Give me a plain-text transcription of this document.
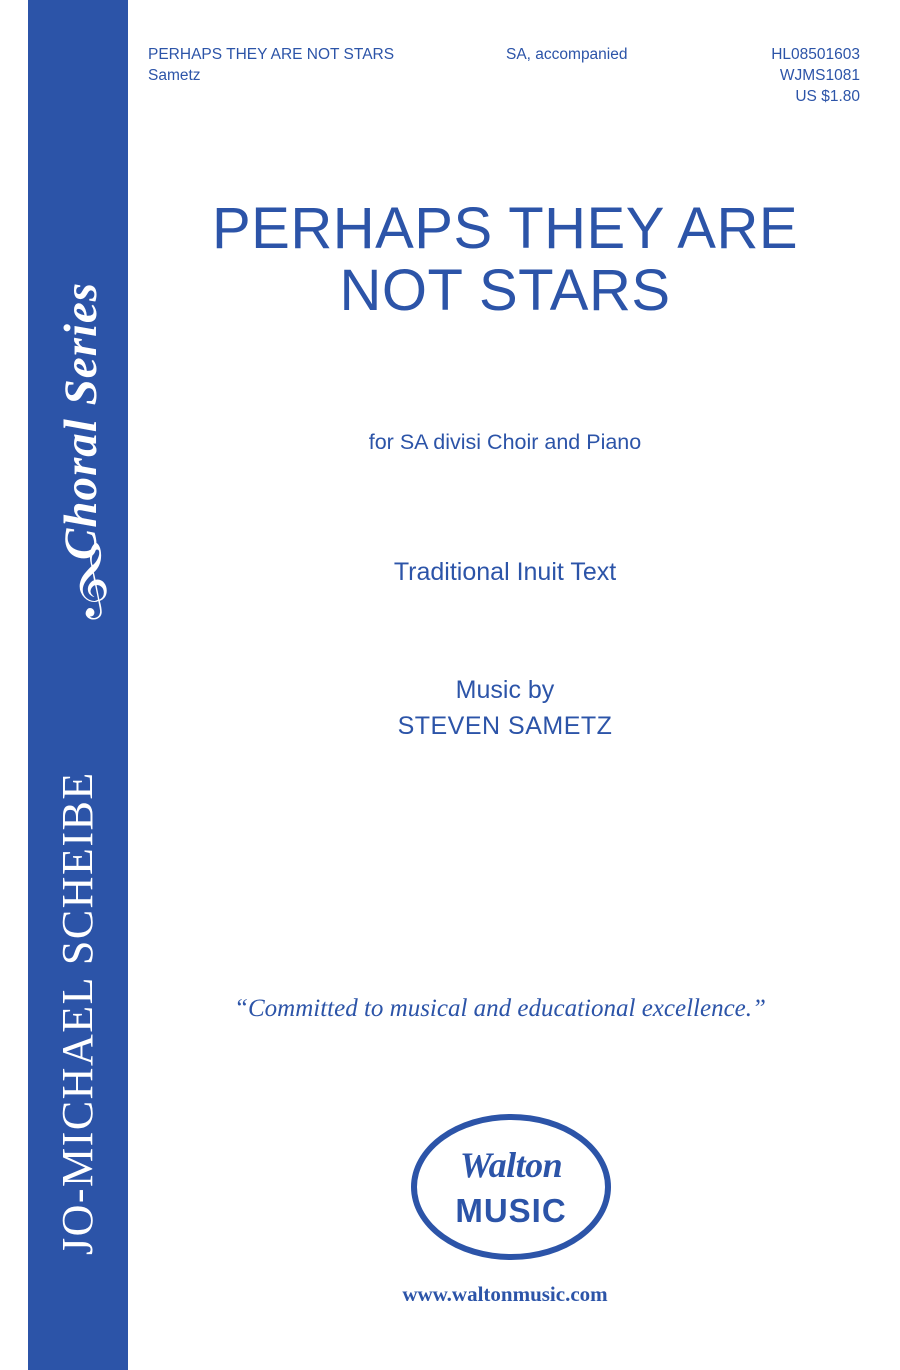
Choral Series
𝄞
JO-MICHAEL SCHEIBE
PERHAPS THEY ARE NOT STARS
Sametz
SA, accompanied	HL08501603
WJMS1081
US $1.80
PERHAPS THEY ARE
NOT STARS
for SA divisi Choir and Piano
Traditional Inuit Text
Music by
STEVEN SAMETZ
“Committed to musical and educational excellence.”
Walton
MUSIC
www.waltonmusic.com
